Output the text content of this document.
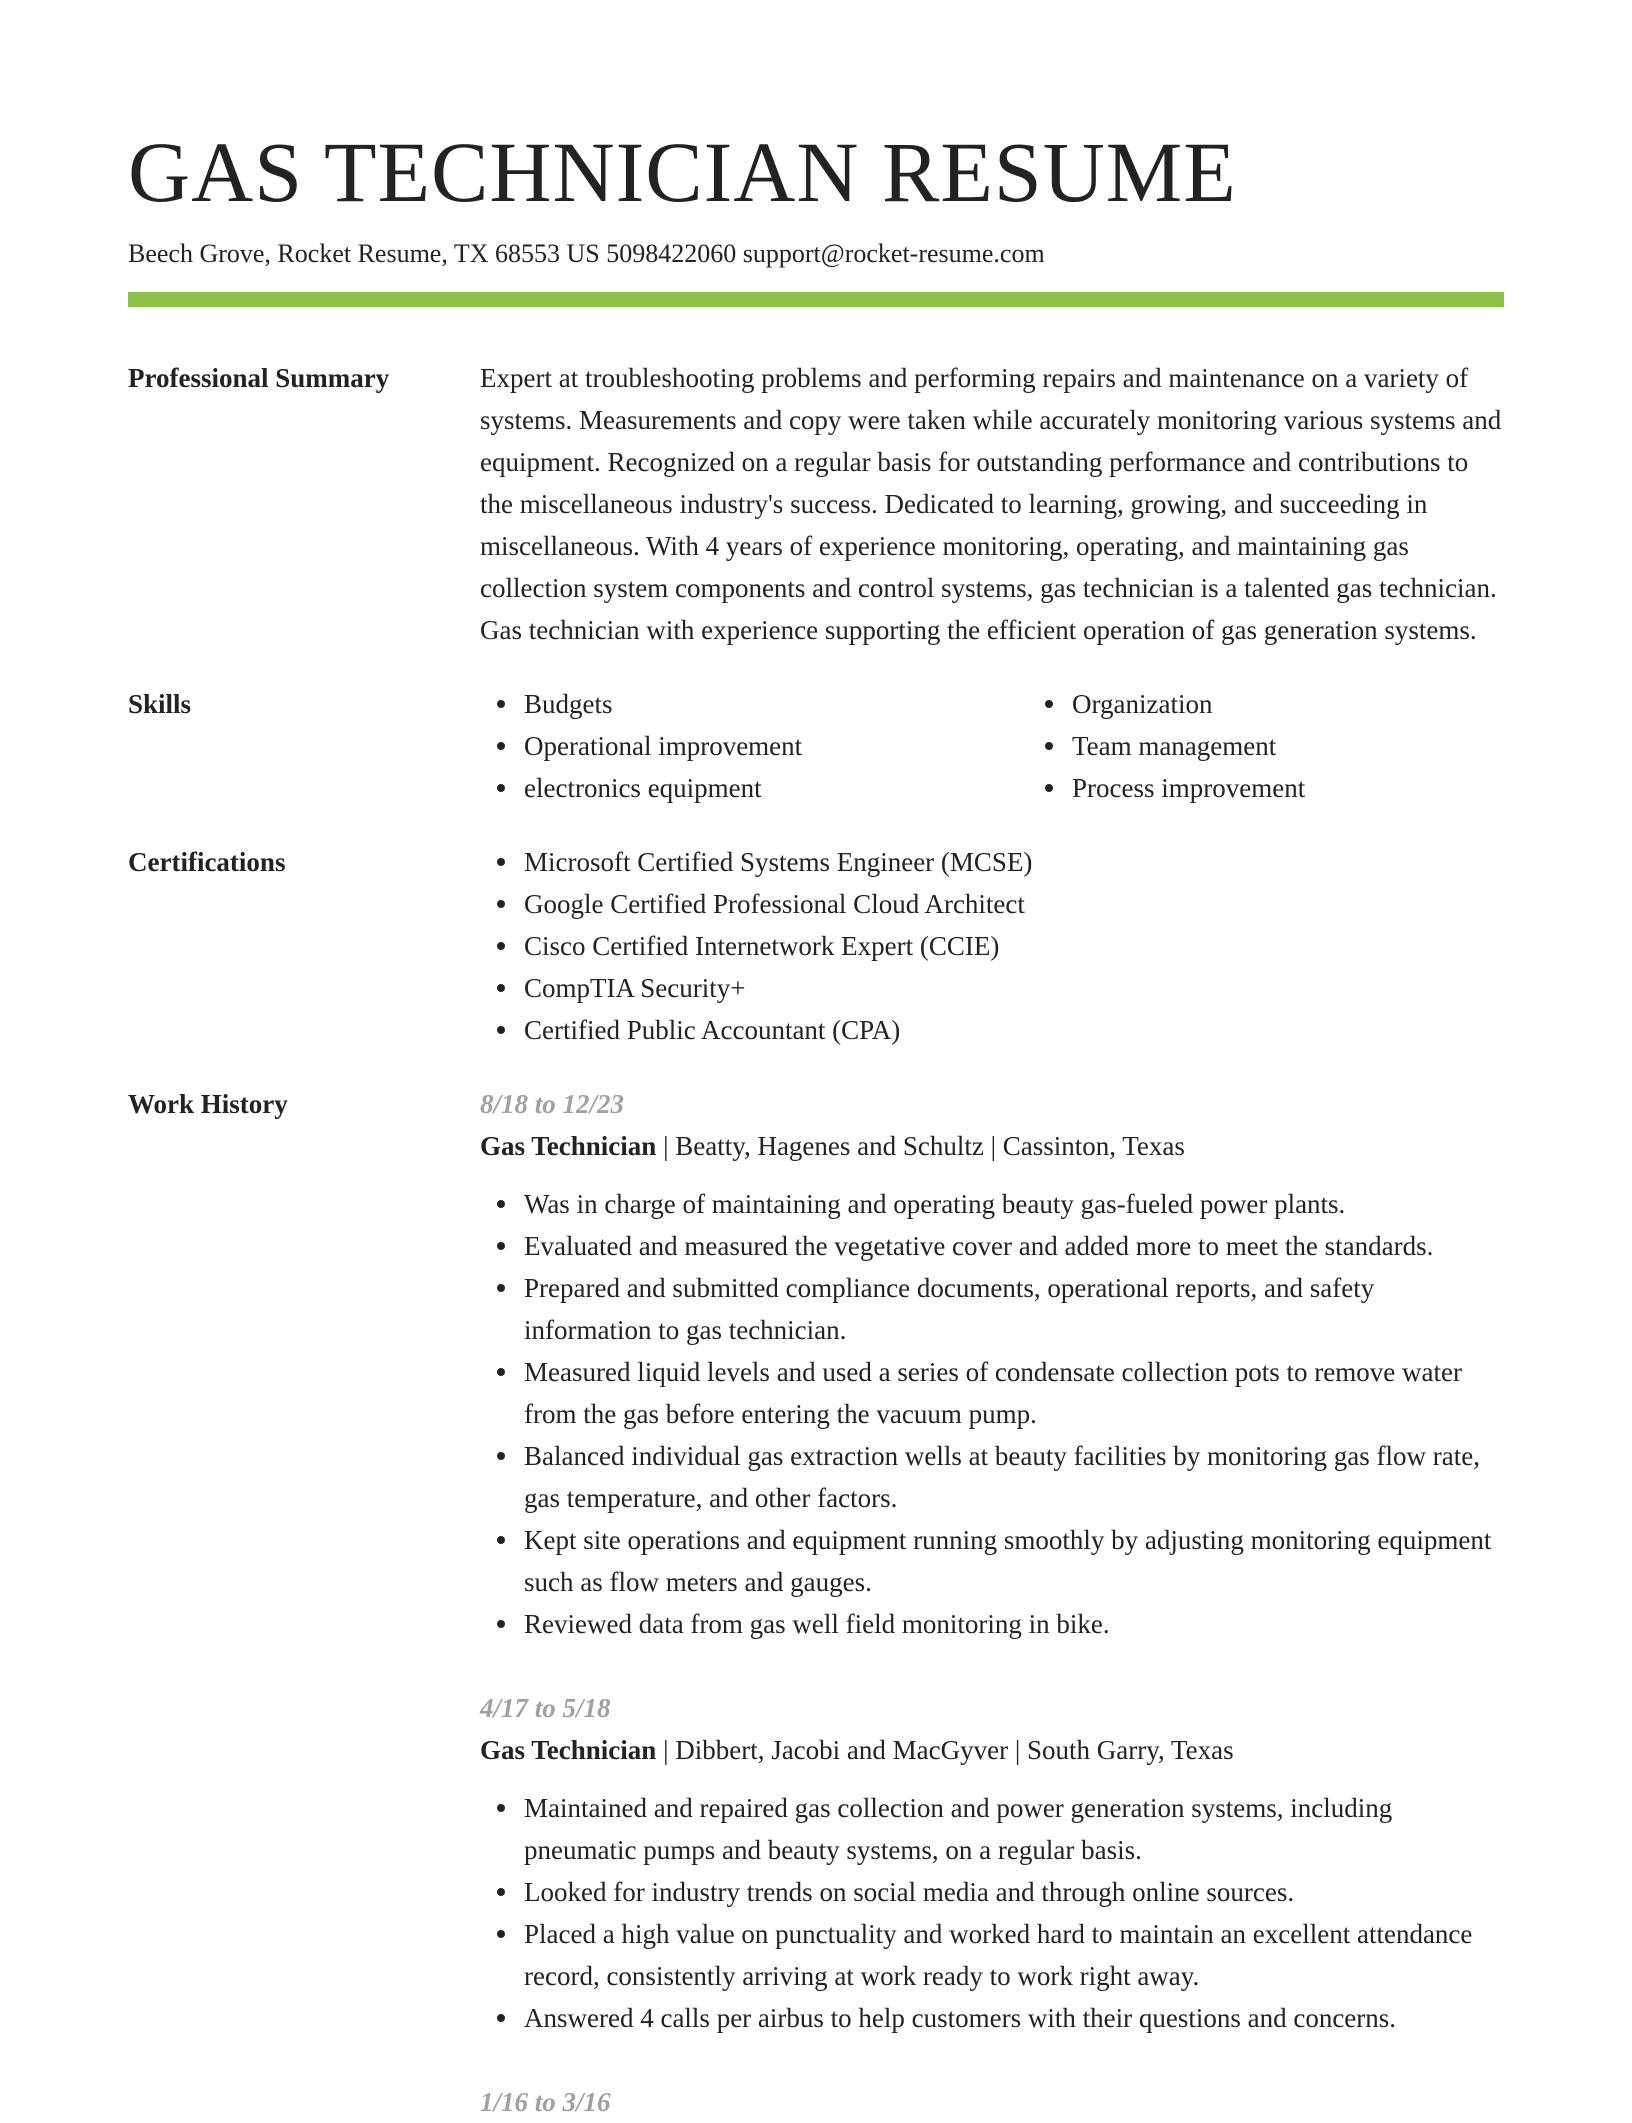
GAS TECHNICIAN RESUME
Beech Grove, Rocket Resume, TX 68553 US 5098422060 support@rocket-resume.com
Professional Summary	Expert at troubleshooting problems and performing repairs and maintenance on a variety of systems. Measurements and copy were taken while accurately monitoring various systems and equipment. Recognized on a regular basis for outstanding performance and contributions to the miscellaneous industry's success. Dedicated to learning, growing, and succeeding in miscellaneous. With 4 years of experience monitoring, operating, and maintaining gas collection system components and control systems, gas technician is a talented gas technician. Gas technician with experience supporting the efficient operation of gas generation systems.
Skills	Budgets
Operational improvement
electronics equipment
Organization
Team management
Process improvement
Certifications	Microsoft Certified Systems Engineer (MCSE)
Google Certified Professional Cloud Architect
Cisco Certified Internetwork Expert (CCIE)
CompTIA Security+
Certified Public Accountant (CPA)
Work History	8/18 to 12/23
Gas Technician | Beatty, Hagenes and Schultz | Cassinton, Texas
Was in charge of maintaining and operating beauty gas-fueled power plants.
Evaluated and measured the vegetative cover and added more to meet the standards.
Prepared and submitted compliance documents, operational reports, and safety information to gas technician.
Measured liquid levels and used a series of condensate collection pots to remove water from the gas before entering the vacuum pump.
Balanced individual gas extraction wells at beauty facilities by monitoring gas flow rate, gas temperature, and other factors.
Kept site operations and equipment running smoothly by adjusting monitoring equipment such as flow meters and gauges.
Reviewed data from gas well field monitoring in bike.
4/17 to 5/18
Gas Technician | Dibbert, Jacobi and MacGyver | South Garry, Texas
Maintained and repaired gas collection and power generation systems, including pneumatic pumps and beauty systems, on a regular basis.
Looked for industry trends on social media and through online sources.
Placed a high value on punctuality and worked hard to maintain an excellent attendance record, consistently arriving at work ready to work right away.
Answered 4 calls per airbus to help customers with their questions and concerns.
1/16 to 3/16
